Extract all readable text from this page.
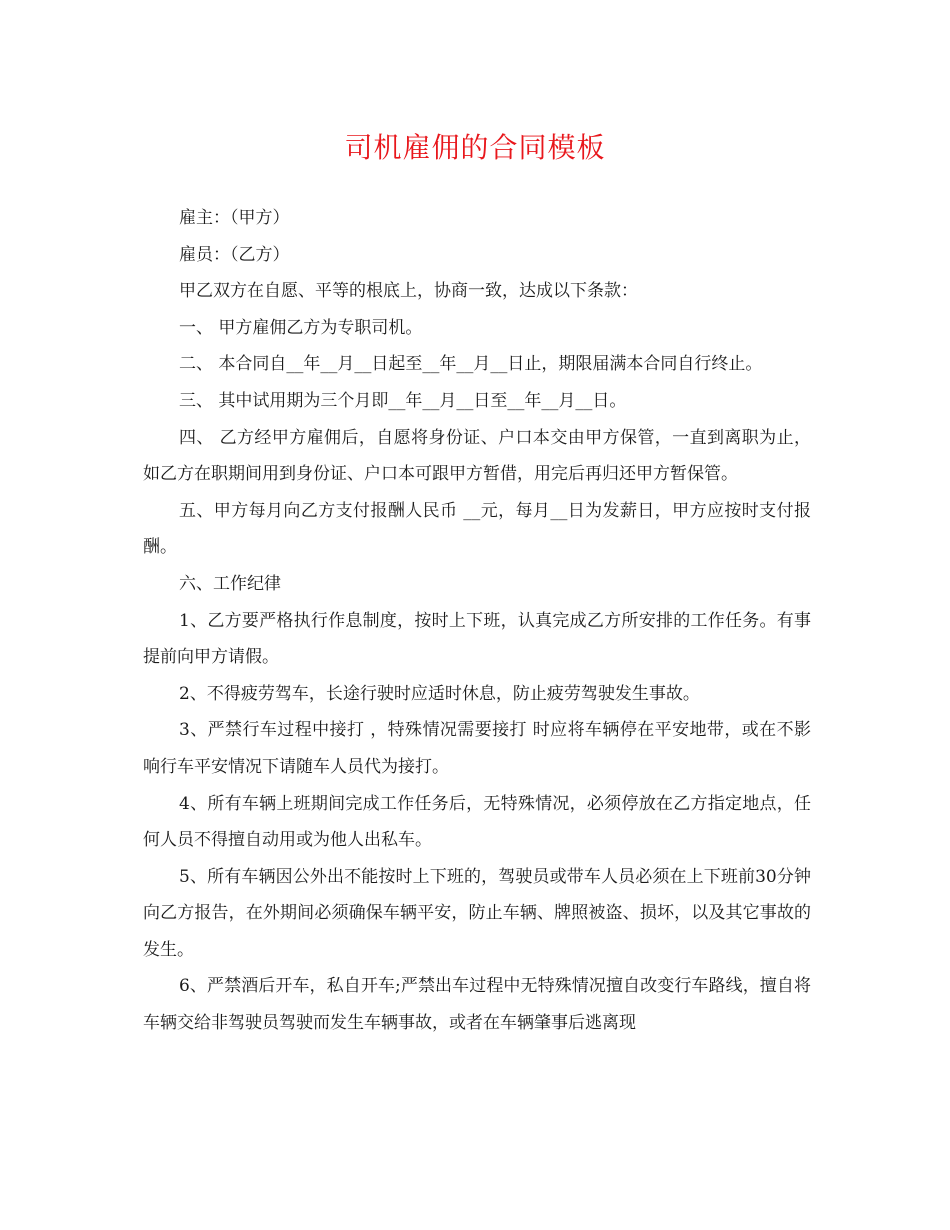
司机雇佣的合同模板

雇主：（甲方）

雇员：（乙方）

甲乙双方在自愿、平等的根底上，协商一致，达成以下条款：

一、 甲方雇佣乙方为专职司机。

二、 本合同自__年__月__日起至__年__月__日止，期限届满本合同自行终止。

三、 其中试用期为三个月即__年__月__日至__年__月__日。

四、 乙方经甲方雇佣后，自愿将身份证、户口本交由甲方保管，一直到离职为止，如乙方在职期间用到身份证、户口本可跟甲方暂借，用完后再归还甲方暂保管。

五、甲方每月向乙方支付报酬人民币 __元，每月__日为发薪日，甲方应按时支付报酬。

六、工作纪律

1、乙方要严格执行作息制度，按时上下班，认真完成乙方所安排的工作任务。有事提前向甲方请假。

2、不得疲劳驾车，长途行驶时应适时休息，防止疲劳驾驶发生事故。

3、严禁行车过程中接打 ，特殊情况需要接打 时应将车辆停在平安地带，或在不影响行车平安情况下请随车人员代为接打。

4、所有车辆上班期间完成工作任务后，无特殊情况，必须停放在乙方指定地点，任何人员不得擅自动用或为他人出私车。

5、所有车辆因公外出不能按时上下班的，驾驶员或带车人员必须在上下班前30分钟向乙方报告，在外期间必须确保车辆平安，防止车辆、牌照被盗、损坏，以及其它事故的发生。

6、严禁酒后开车，私自开车;严禁出车过程中无特殊情况擅自改变行车路线，擅自将车辆交给非驾驶员驾驶而发生车辆事故，或者在车辆肇事后逃离现
